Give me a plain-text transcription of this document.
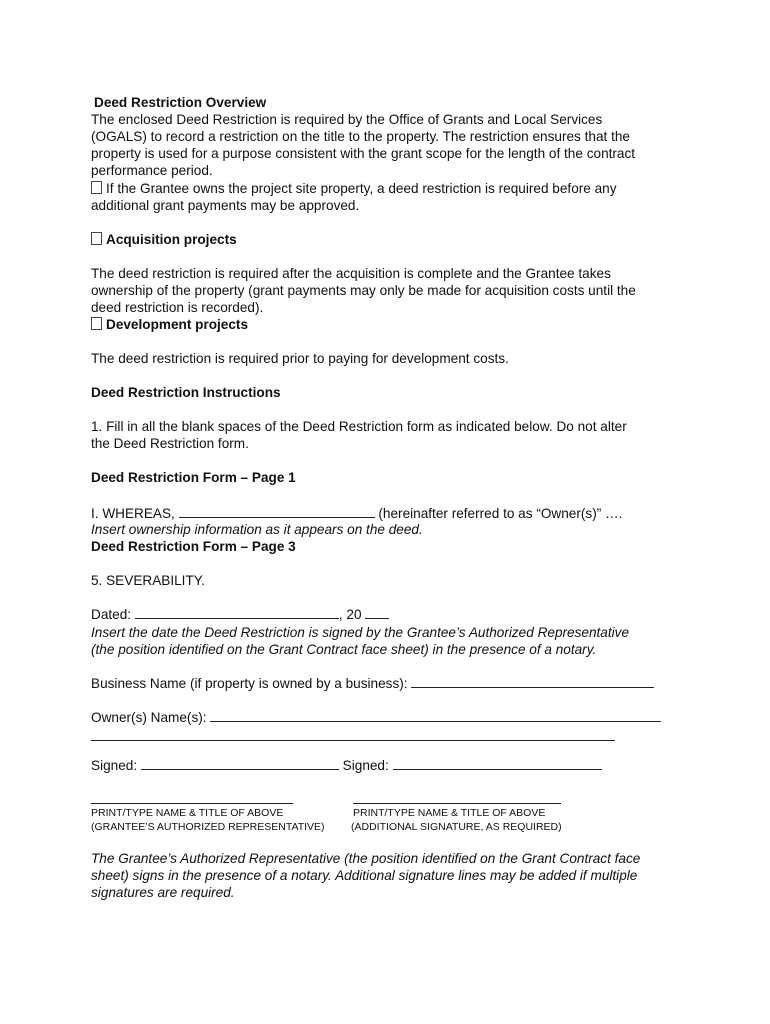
Deed Restriction Overview

The enclosed Deed Restriction is required by the Office of Grants and Local Services

(OGALS) to record a restriction on the title to the property. The restriction ensures that the

property is used for a purpose consistent with the grant scope for the length of the contract

performance period.

If the Grantee owns the project site property, a deed restriction is required before any

additional grant payments may be approved.

Acquisition projects

The deed restriction is required after the acquisition is complete and the Grantee takes

ownership of the property (grant payments may only be made for acquisition costs until the

deed restriction is recorded).

Development projects

The deed restriction is required prior to paying for development costs.

Deed Restriction Instructions

1. Fill in all the blank spaces of the Deed Restriction form as indicated below. Do not alter

the Deed Restriction form.

Deed Restriction Form – Page 1

I. WHEREAS,	(hereinafter referred to as “Owner(s)” ….

Insert ownership information as it appears on the deed.

Deed Restriction Form – Page 3

5. SEVERABILITY.

Dated:	, 20

Insert the date the Deed Restriction is signed by the Grantee’s Authorized Representative

(the position identified on the Grant Contract face sheet) in the presence of a notary.

Business Name (if property is owned by a business):

Owner(s) Name(s):

Signed:	Signed:

PRINT/TYPE NAME & TITLE OF ABOVE
(GRANTEE’S AUTHORIZED REPRESENTATIVE)
PRINT/TYPE NAME & TITLE OF ABOVE
(ADDITIONAL SIGNATURE, AS REQUIRED)

The Grantee’s Authorized Representative (the position identified on the Grant Contract face

sheet) signs in the presence of a notary. Additional signature lines may be added if multiple

signatures are required.
